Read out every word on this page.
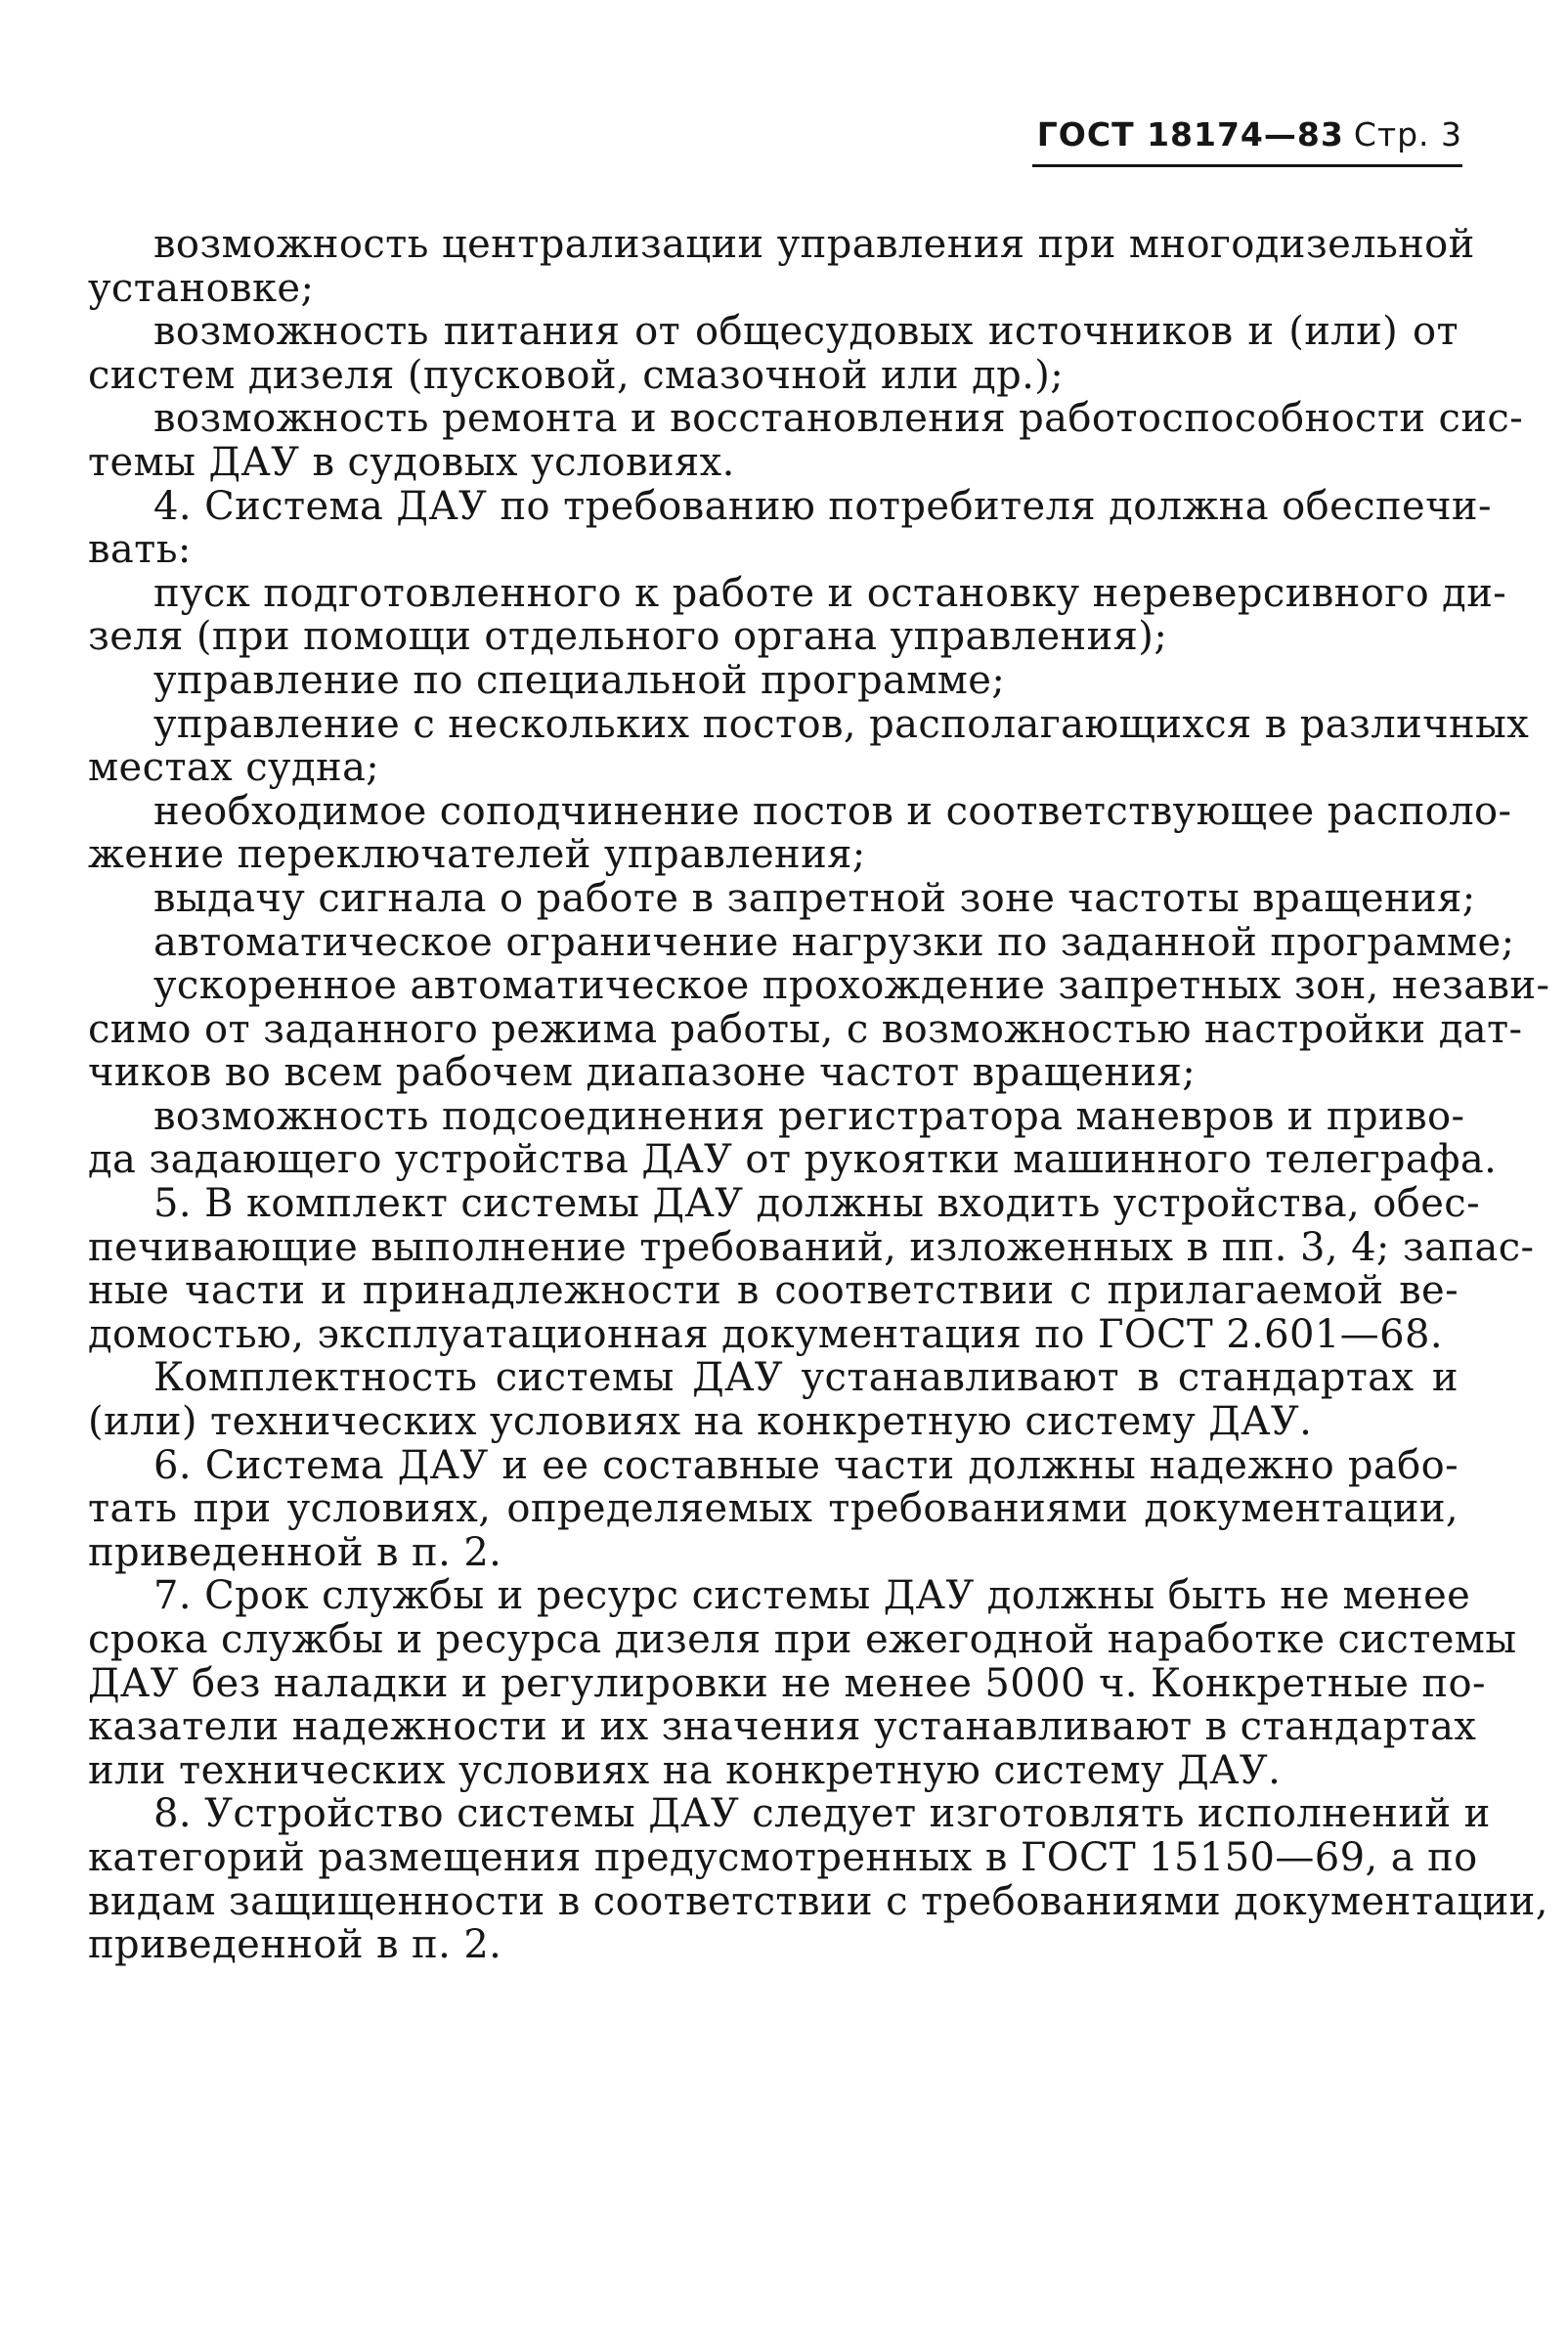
ГОСТ 18174—83 Стр. 3
возможность централизации управления при многодизельной
установке;
возможность питания от общесудовых источников и (или) от
систем дизеля (пусковой, смазочной или др.);
возможность ремонта и восстановления работоспособности сис-
темы ДАУ в судовых условиях.
4. Система ДАУ по требованию потребителя должна обеспечи-
вать:
пуск подготовленного к работе и остановку нереверсивного ди-
зеля (при помощи отдельного органа управления);
управление по специальной программе;
управление с нескольких постов, располагающихся в различных
местах судна;
необходимое соподчинение постов и соответствующее располо-
жение переключателей управления;
выдачу сигнала о работе в запретной зоне частоты вращения;
автоматическое ограничение нагрузки по заданной программе;
ускоренное автоматическое прохождение запретных зон, незави-
симо от заданного режима работы, с возможностью настройки дат-
чиков во всем рабочем диапазоне частот вращения;
возможность подсоединения регистратора маневров и приво-
да задающего устройства ДАУ от рукоятки машинного телеграфа.
5. В комплект системы ДАУ должны входить устройства, обес-
печивающие выполнение требований, изложенных в пп. 3, 4; запас-
ные части и принадлежности в соответствии с прилагаемой ве-
домостью, эксплуатационная документация по ГОСТ 2.601—68.
Комплектность системы ДАУ устанавливают в стандартах и
(или) технических условиях на конкретную систему ДАУ.
6. Система ДАУ и ее составные части должны надежно рабо-
тать при условиях, определяемых требованиями документации,
приведенной в п. 2.
7. Срок службы и ресурс системы ДАУ должны быть не менее
срока службы и ресурса дизеля при ежегодной наработке системы
ДАУ без наладки и регулировки не менее 5000 ч. Конкретные по-
казатели надежности и их значения устанавливают в стандартах
или технических условиях на конкретную систему ДАУ.
8. Устройство системы ДАУ следует изготовлять исполнений и
категорий размещения предусмотренных в ГОСТ 15150—69, а по
видам защищенности в соответствии с требованиями документации,
приведенной в п. 2.
